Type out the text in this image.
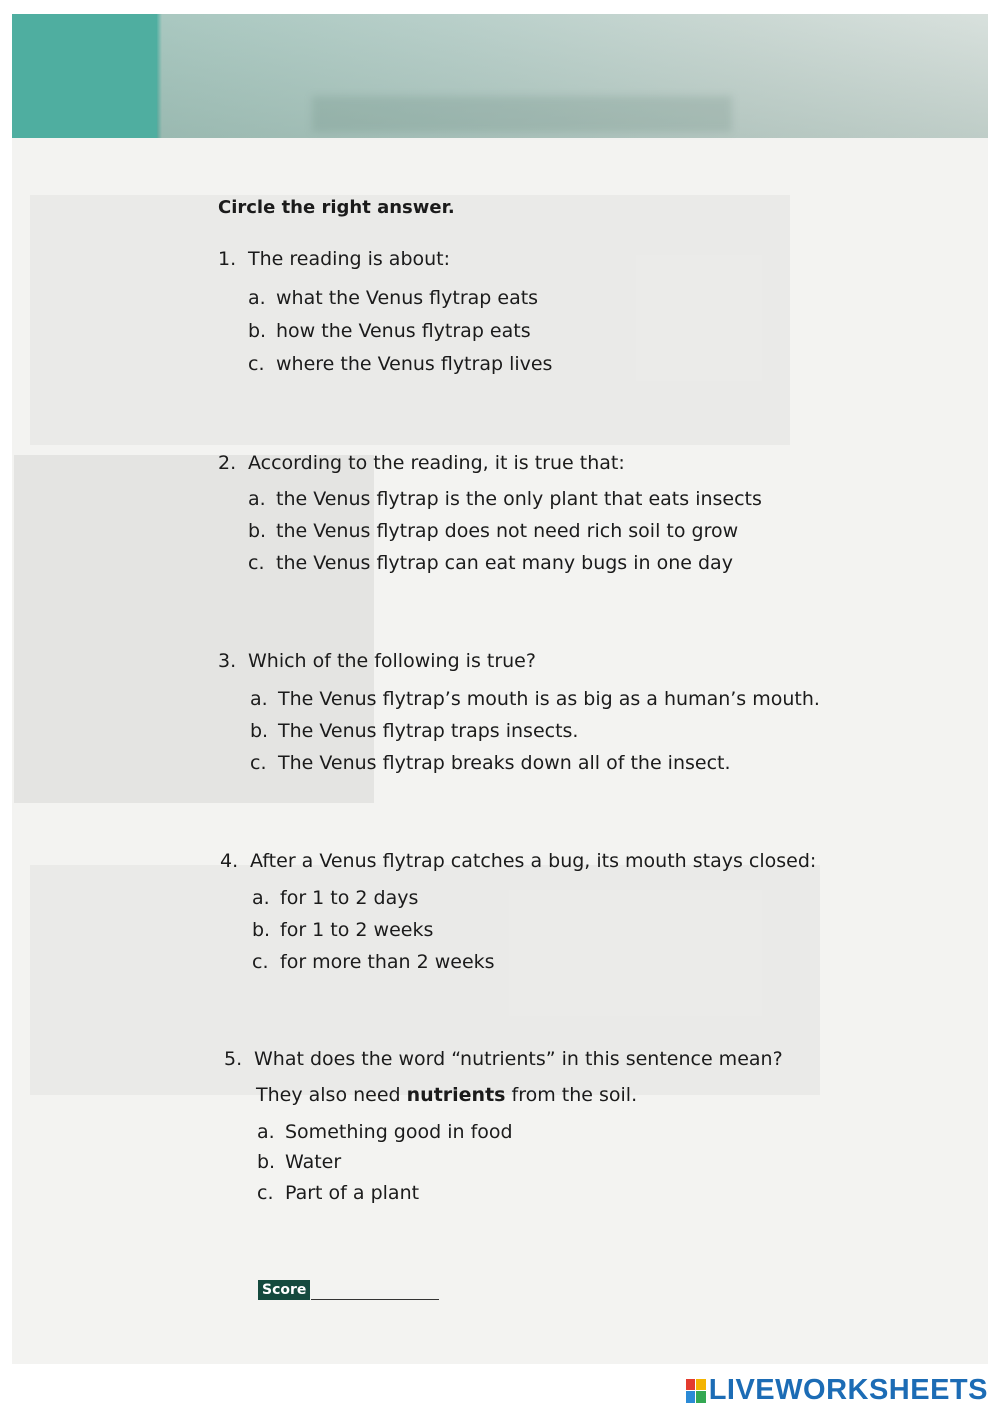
Circle the right answer.
1. The reading is about:
a. what the Venus flytrap eats
b. how the Venus flytrap eats
c. where the Venus flytrap lives
2. According to the reading, it is true that:
a. the Venus flytrap is the only plant that eats insects
b. the Venus flytrap does not need rich soil to grow
c. the Venus flytrap can eat many bugs in one day
3. Which of the following is true?
a. The Venus flytrap’s mouth is as big as a human’s mouth.
b. The Venus flytrap traps insects.
c. The Venus flytrap breaks down all of the insect.
4. After a Venus flytrap catches a bug, its mouth stays closed:
a. for 1 to 2 days
b. for 1 to 2 weeks
c. for more than 2 weeks
5. What does the word “nutrients” in this sentence mean?
They also need nutrients from the soil.
a. Something good in food
b. Water
c. Part of a plant
Score
LIVEWORKSHEETS
